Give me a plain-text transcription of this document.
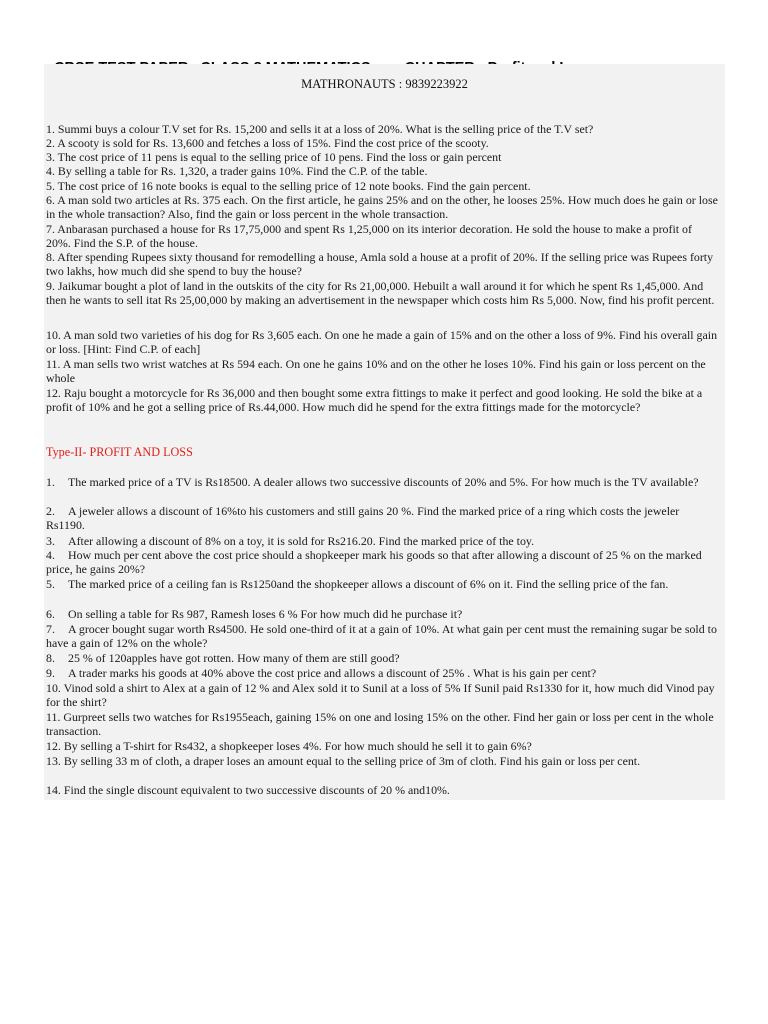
MATHRONAUTS : 9839223922

1. Summi buys a colour T.V set for Rs. 15,200 and sells it at a loss of 20%. What is the selling price of the T.V set?

2. A scooty is sold for Rs. 13,600 and fetches a loss of 15%. Find the cost price of the scooty.

3. The cost price of 11 pens is equal to the selling price of 10 pens. Find the loss or gain percent

4. By selling a table for Rs. 1,320, a trader gains 10%. Find the C.P. of the table.

5. The cost price of 16 note books is equal to the selling price of 12 note books. Find the gain percent.

6. A man sold two articles at Rs. 375 each. On the first article, he gains 25% and on the other, he looses 25%. How much does he gain or lose in the whole transaction? Also, find the gain or loss percent in the whole transaction.

7. Anbarasan purchased a house for Rs 17,75,000 and spent Rs 1,25,000 on its interior decoration. He sold the house to make a profit of 20%. Find the S.P. of the house.

8. After spending Rupees sixty thousand for remodelling a house, Amla sold a house at a profit of 20%. If the selling price was Rupees forty two lakhs, how much did she spend to buy the house?

9. Jaikumar bought a plot of land in the outskits of the city for Rs 21,00,000. Hebuilt a wall around it for which he spent Rs 1,45,000. And then he wants to sell itat Rs 25,00,000 by making an advertisement in the newspaper which costs him Rs 5,000. Now, find his profit percent.

10. A man sold two varieties of his dog for Rs 3,605 each. On one he made a gain of 15% and on the other a loss of 9%. Find his overall gain or loss. [Hint: Find C.P. of each]

11. A man sells two wrist watches at Rs 594 each. On one he gains 10% and on the other he loses 10%. Find his gain or loss percent on the whole

12. Raju bought a motorcycle for Rs 36,000 and then bought some extra fittings to make it perfect and good looking. He sold the bike at a profit of 10% and he got a selling price of Rs.44,000. How much did he spend for the extra fittings made for the motorcycle?

Type-II- PROFIT AND LOSS

1. The marked price of a TV is Rs18500. A dealer allows two successive discounts of 20% and 5%. For how much is the TV available?

2. A jeweler allows a discount of 16%to his customers and still gains 20 %. Find the marked price of a ring which costs the jeweler Rs1190.

3. After allowing a discount of 8% on a toy, it is sold for Rs216.20. Find the marked price of the toy.

4. How much per cent above the cost price should a shopkeeper mark his goods so that after allowing a discount of 25 % on the marked price, he gains 20%?

5. The marked price of a ceiling fan is Rs1250and the shopkeeper allows a discount of 6% on it. Find the selling price of the fan.

6. On selling a table for Rs 987, Ramesh loses 6 % For how much did he purchase it?

7. A grocer bought sugar worth Rs4500. He sold one-third of it at a gain of 10%. At what gain per cent must the remaining sugar be sold to have a gain of 12% on the whole?

8. 25 % of 120apples have got rotten. How many of them are still good?

9. A trader marks his goods at 40% above the cost price and allows a discount of 25% . What is his gain per cent?

10. Vinod sold a shirt to Alex at a gain of 12 % and Alex sold it to Sunil at a loss of 5% If Sunil paid Rs1330 for it, how much did Vinod pay for the shirt?

11. Gurpreet sells two watches for Rs1955each, gaining 15% on one and losing 15% on the other. Find her gain or loss per cent in the whole transaction.

12. By selling a T-shirt for Rs432, a shopkeeper loses 4%. For how much should he sell it to gain 6%?

13. By selling 33 m of cloth, a draper loses an amount equal to the selling price of 3m of cloth. Find his gain or loss per cent.

14. Find the single discount equivalent to two successive discounts of 20 % and10%.
